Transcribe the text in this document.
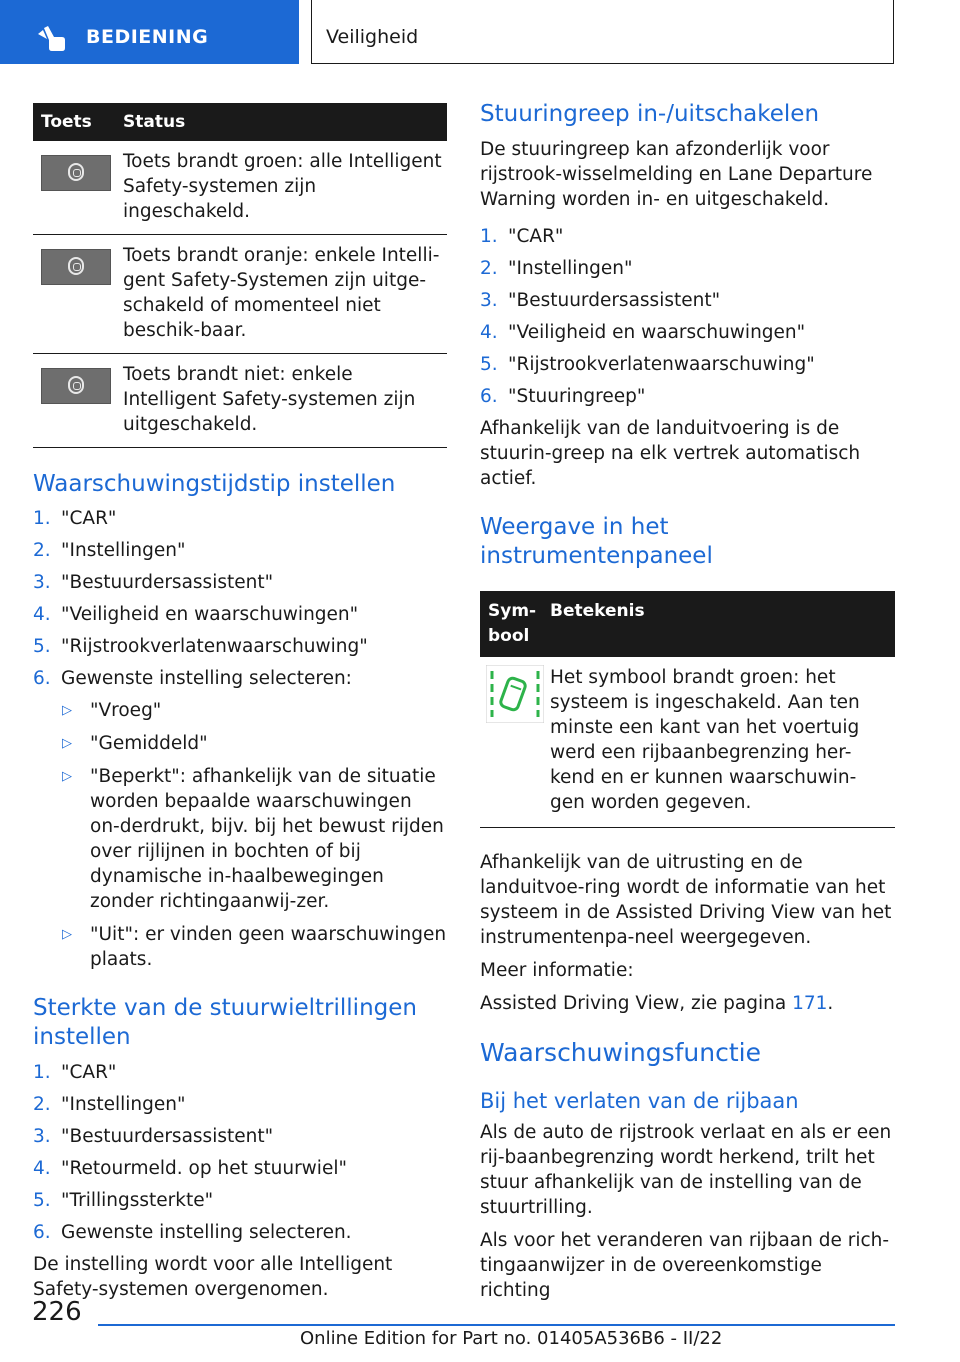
BEDIENING	Veiligheid
Toets	Status

	Toets brandt groen: alle Intelligent Safety-systemen zijn ingeschakeld.

	Toets brandt oranje: enkele Intelli-gent Safety-Systemen zijn uitge-schakeld of momenteel niet beschik-baar.

	Toets brandt niet: enkele Intelligent Safety-systemen zijn uitgeschakeld.
Waarschuwingstijdstip instellen
1. "CAR"
2. "Instellingen"
3. "Bestuurdersassistent"
4. "Veiligheid en waarschuwingen"
5. "Rijstrookverlatenwaarschuwing"
6. Gewenste instelling selecteren:
▷ "Vroeg"
▷ "Gemiddeld"
▷ "Beperkt": afhankelijk van de situatie worden bepaalde waarschuwingen on-derdrukt, bijv. bij het bewust rijden over rijlijnen in bochten of bij dynamische in-haalbewegingen zonder richtingaanwij-zer.
▷ "Uit": er vinden geen waarschuwingen plaats.
Sterkte van de stuurwieltrillingen instellen
1. "CAR"
2. "Instellingen"
3. "Bestuurdersassistent"
4. "Retourmeld. op het stuurwiel"
5. "Trillingssterkte"
6. Gewenste instelling selecteren.

De instelling wordt voor alle Intelligent Safety-systemen overgenomen.

Stuuringreep in-/uitschakelen

De stuuringreep kan afzonderlijk voor rijstrook-wisselmelding en Lane Departure Warning worden in- en uitgeschakeld.

1. "CAR"
2. "Instellingen"
3. "Bestuurdersassistent"
4. "Veiligheid en waarschuwingen"
5. "Rijstrookverlatenwaarschuwing"
6. "Stuuringreep"

Afhankelijk van de landuitvoering is de stuurin-greep na elk vertrek automatisch actief.

Weergave in het instrumentenpaneel
Sym-bool	Betekenis
	Het symbool brandt groen: het systeem is ingeschakeld. Aan ten minste een kant van het voertuig werd een rijbaanbegrenzing her-kend en er kunnen waarschuwin-gen worden gegeven.

Afhankelijk van de uitrusting en de landuitvoe-ring wordt de informatie van het systeem in de Assisted Driving View van het instrumentenpa-neel weergegeven.

Meer informatie:

Assisted Driving View, zie pagina 171.

Waarschuwingsfunctie
Bij het verlaten van de rijbaan

Als de auto de rijstrook verlaat en als er een rij-baanbegrenzing wordt herkend, trilt het stuur afhankelijk van de instelling van de stuurtrilling.

Als voor het veranderen van rijbaan de rich-tingaanwijzer in de overeenkomstige richting

226
Online Edition for Part no. 01405A536B6 - II/22
